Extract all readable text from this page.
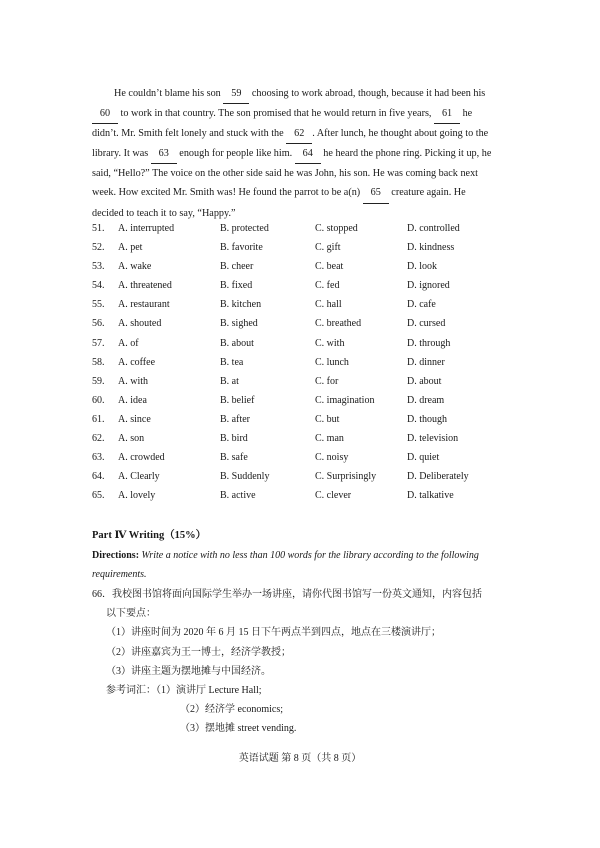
He couldn’t blame his son 59 choosing to work abroad, though, because it had been his
60 to work in that country. The son promised that he would return in five years, 61 he
didn’t. Mr. Smith felt lonely and stuck with the 62 . After lunch, he thought about going to the
library. It was 63 enough for people like him. 64 he heard the phone ring. Picking it up, he
said, “Hello?” The voice on the other side said he was John, his son. He was coming back next
week. How excited Mr. Smith was! He found the parrot to be a(n) 65 creature again. He
decided to teach it to say, “Happy.”
51. A. interrupted	B. protected	C. stopped	D. controlled
52. A. pet	B. favorite	C. gift	D. kindness
53. A. wake	B. cheer	C. beat	D. look
54. A. threatened	B. fixed	C. fed	D. ignored
55. A. restaurant	B. kitchen	C. hall	D. cafe
56. A. shouted	B. sighed	C. breathed	D. cursed
57. A. of	B. about	C. with	D. through
58. A. coffee	B. tea	C. lunch	D. dinner
59. A. with	B. at	C. for	D. about
60. A. idea	B. belief	C. imagination	D. dream
61. A. since	B. after	C. but	D. though
62. A. son	B. bird	C. man	D. television
63. A. crowded	B. safe	C. noisy	D. quiet
64. A. Clearly	B. Suddenly	C. Surprisingly	D. Deliberately
65. A. lovely	B. active	C. clever	D. talkative
Part Ⅳ Writing（15%）
Directions: Write a notice with no less than 100 words for the library according to the following
requirements.
66．我校图书馆将面向国际学生举办一场讲座，请你代图书馆写一份英文通知，内容包括
以下要点：
（1）讲座时间为 2020 年 6 月 15 日下午两点半到四点，地点在三楼演讲厅；
（2）讲座嘉宾为王一博士，经济学教授；
（3）讲座主题为摆地摊与中国经济。
参考词汇：（1）演讲厅 Lecture Hall;
（2）经济学 economics;
（3）摆地摊 street vending.
英语试题 第 8 页（共 8 页）
